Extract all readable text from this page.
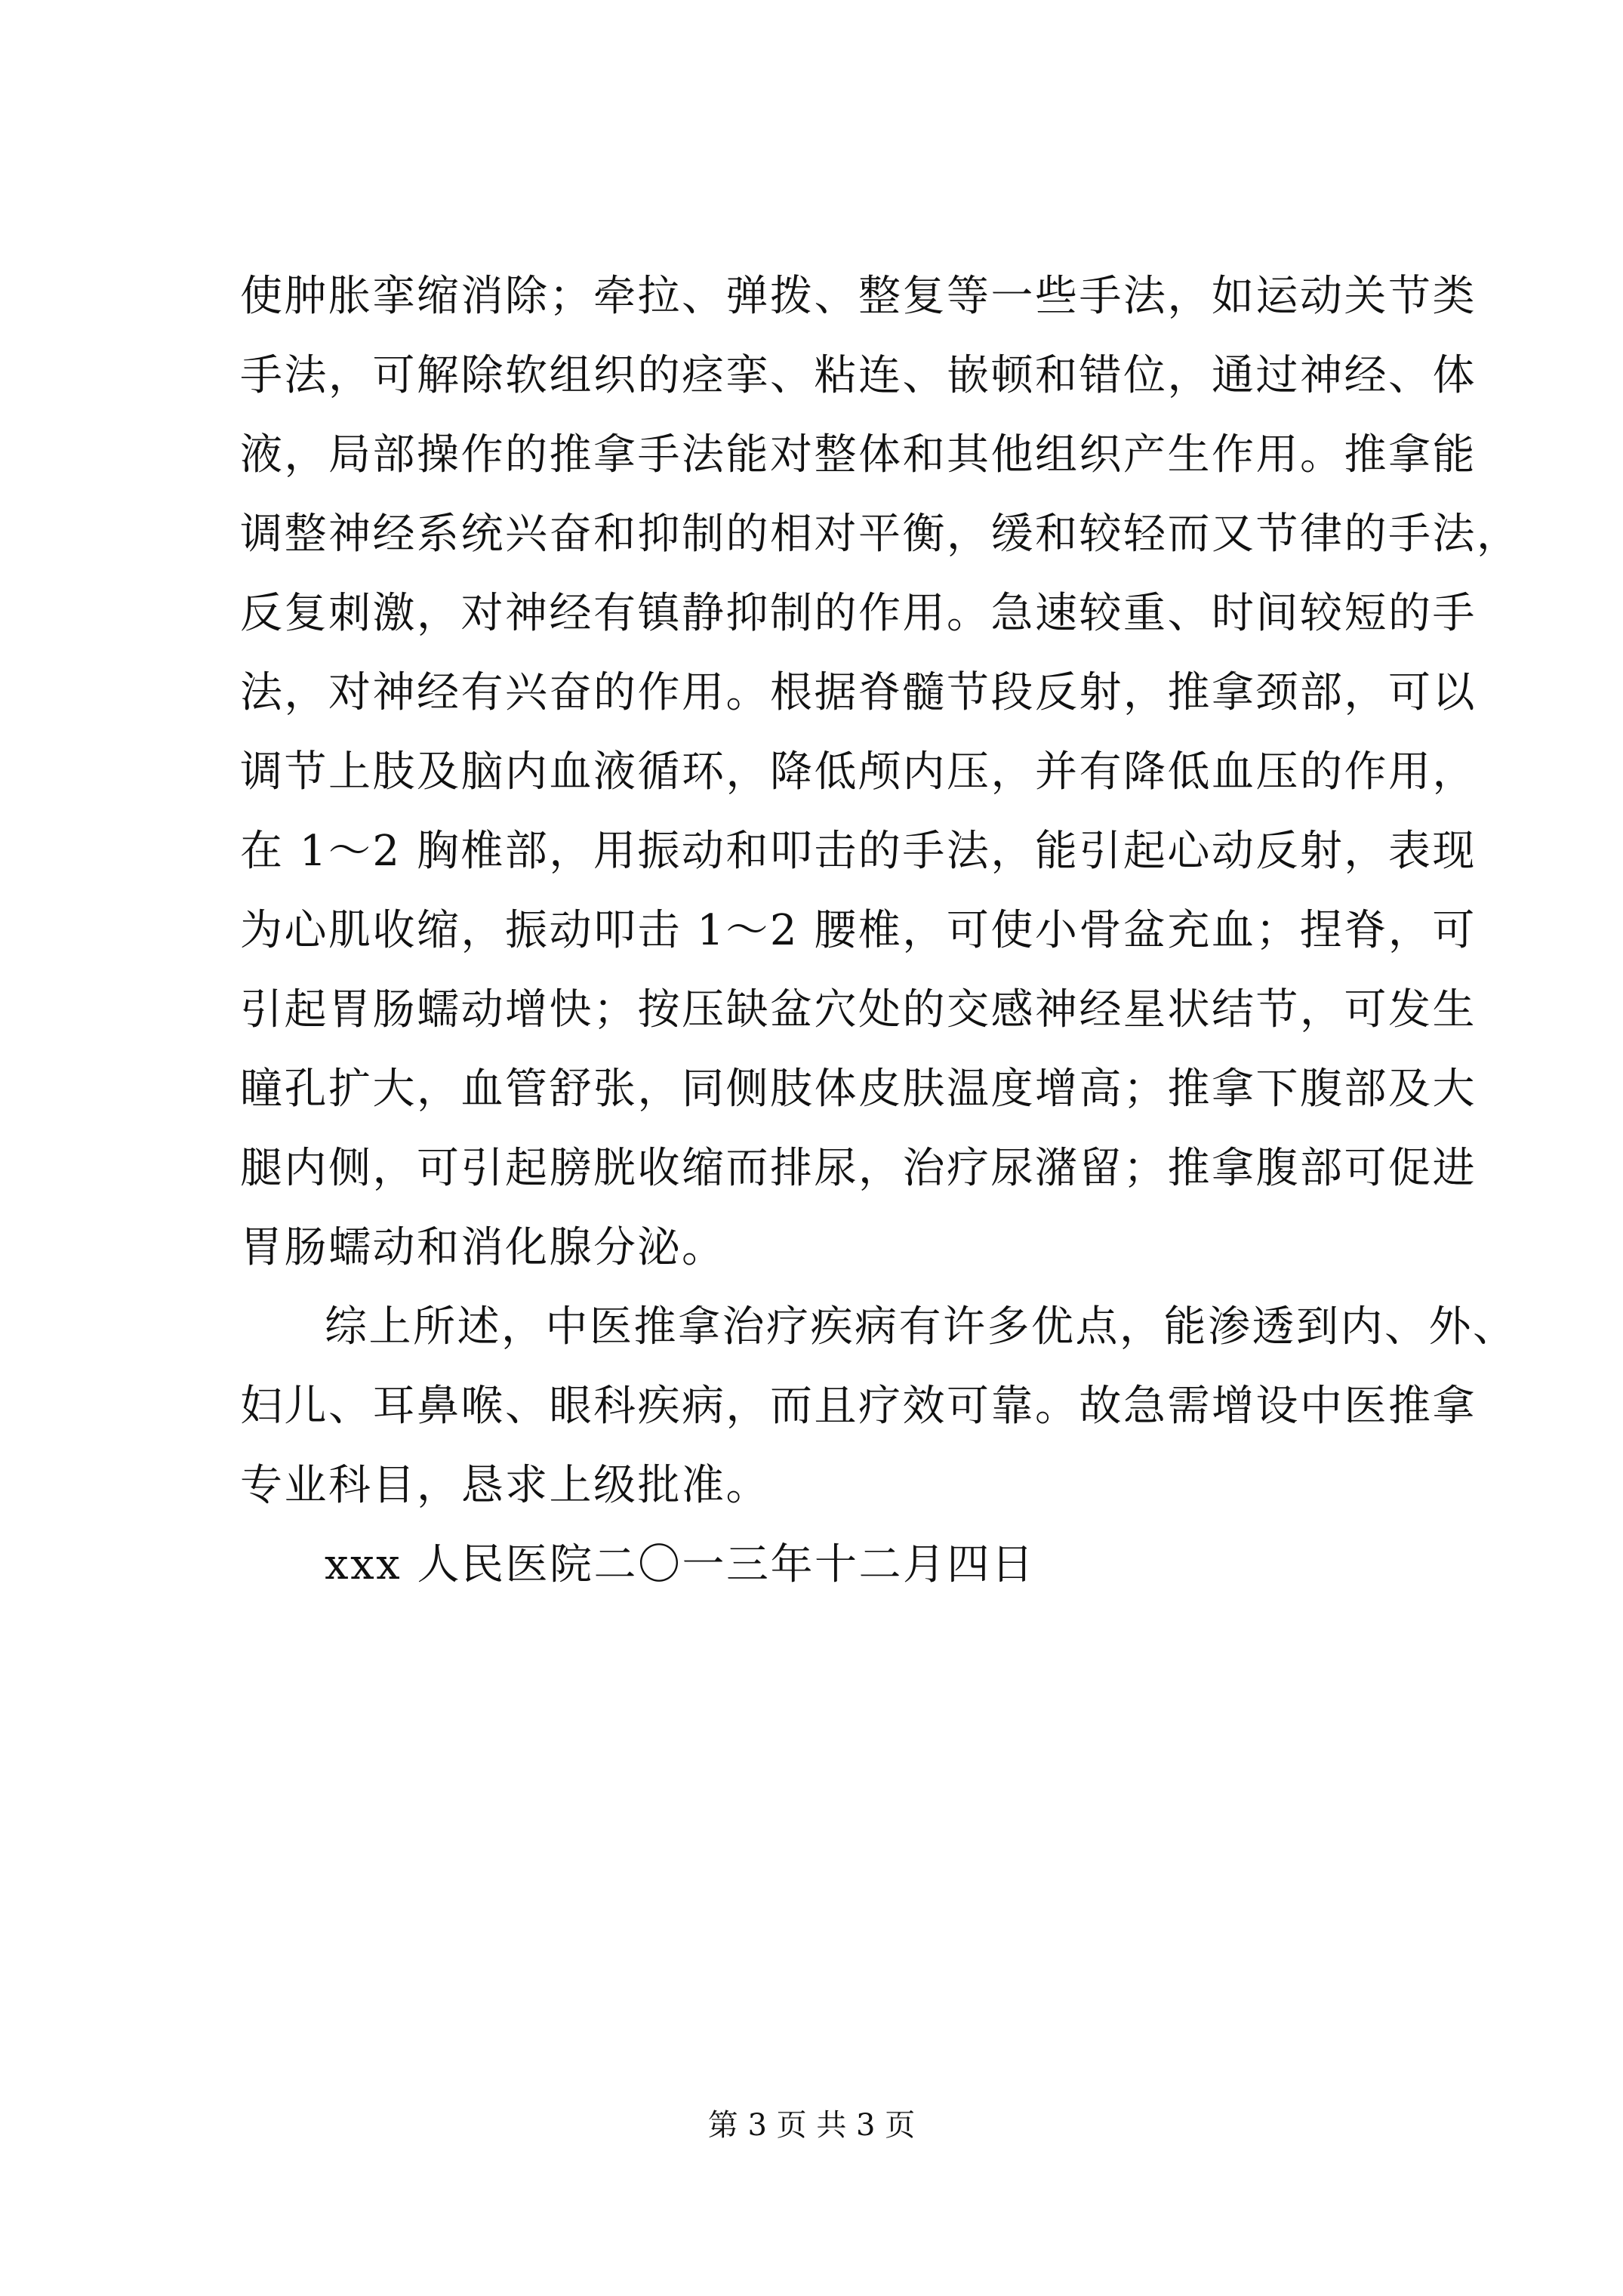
使肿胀挛缩消除；牵拉、弹拨、整复等一些手法，如运动关节类
手法，可解除软组织的痉挛、粘连、嵌顿和错位，通过神经、体
液，局部操作的推拿手法能对整体和其他组织产生作用。推拿能
调整神经系统兴奋和抑制的相对平衡，缓和较轻而又节律的手法，
反复刺激，对神经有镇静抑制的作用。急速较重、时间较短的手
法，对神经有兴奋的作用。根据脊髓节段反射，推拿颈部，可以
调节上肢及脑内血液循环，降低颅内压，并有降低血压的作用，
在 1～2 胸椎部，用振动和叩击的手法，能引起心动反射，表现
为心肌收缩，振动叩击 1～2 腰椎，可使小骨盆充血；捏脊，可
引起胃肠蠕动增快；按压缺盆穴处的交感神经星状结节，可发生
瞳孔扩大，血管舒张，同侧肢体皮肤温度增高；推拿下腹部及大
腿内侧，可引起膀胱收缩而排尿，治疗尿潴留；推拿腹部可促进
胃肠蠕动和消化腺分泌。
综上所述，中医推拿治疗疾病有许多优点，能渗透到内、外、
妇儿、耳鼻喉、眼科疾病，而且疗效可靠。故急需增设中医推拿
专业科目，恳求上级批准。
xxx 人民医院二〇一三年十二月四日
第 3 页 共 3 页
